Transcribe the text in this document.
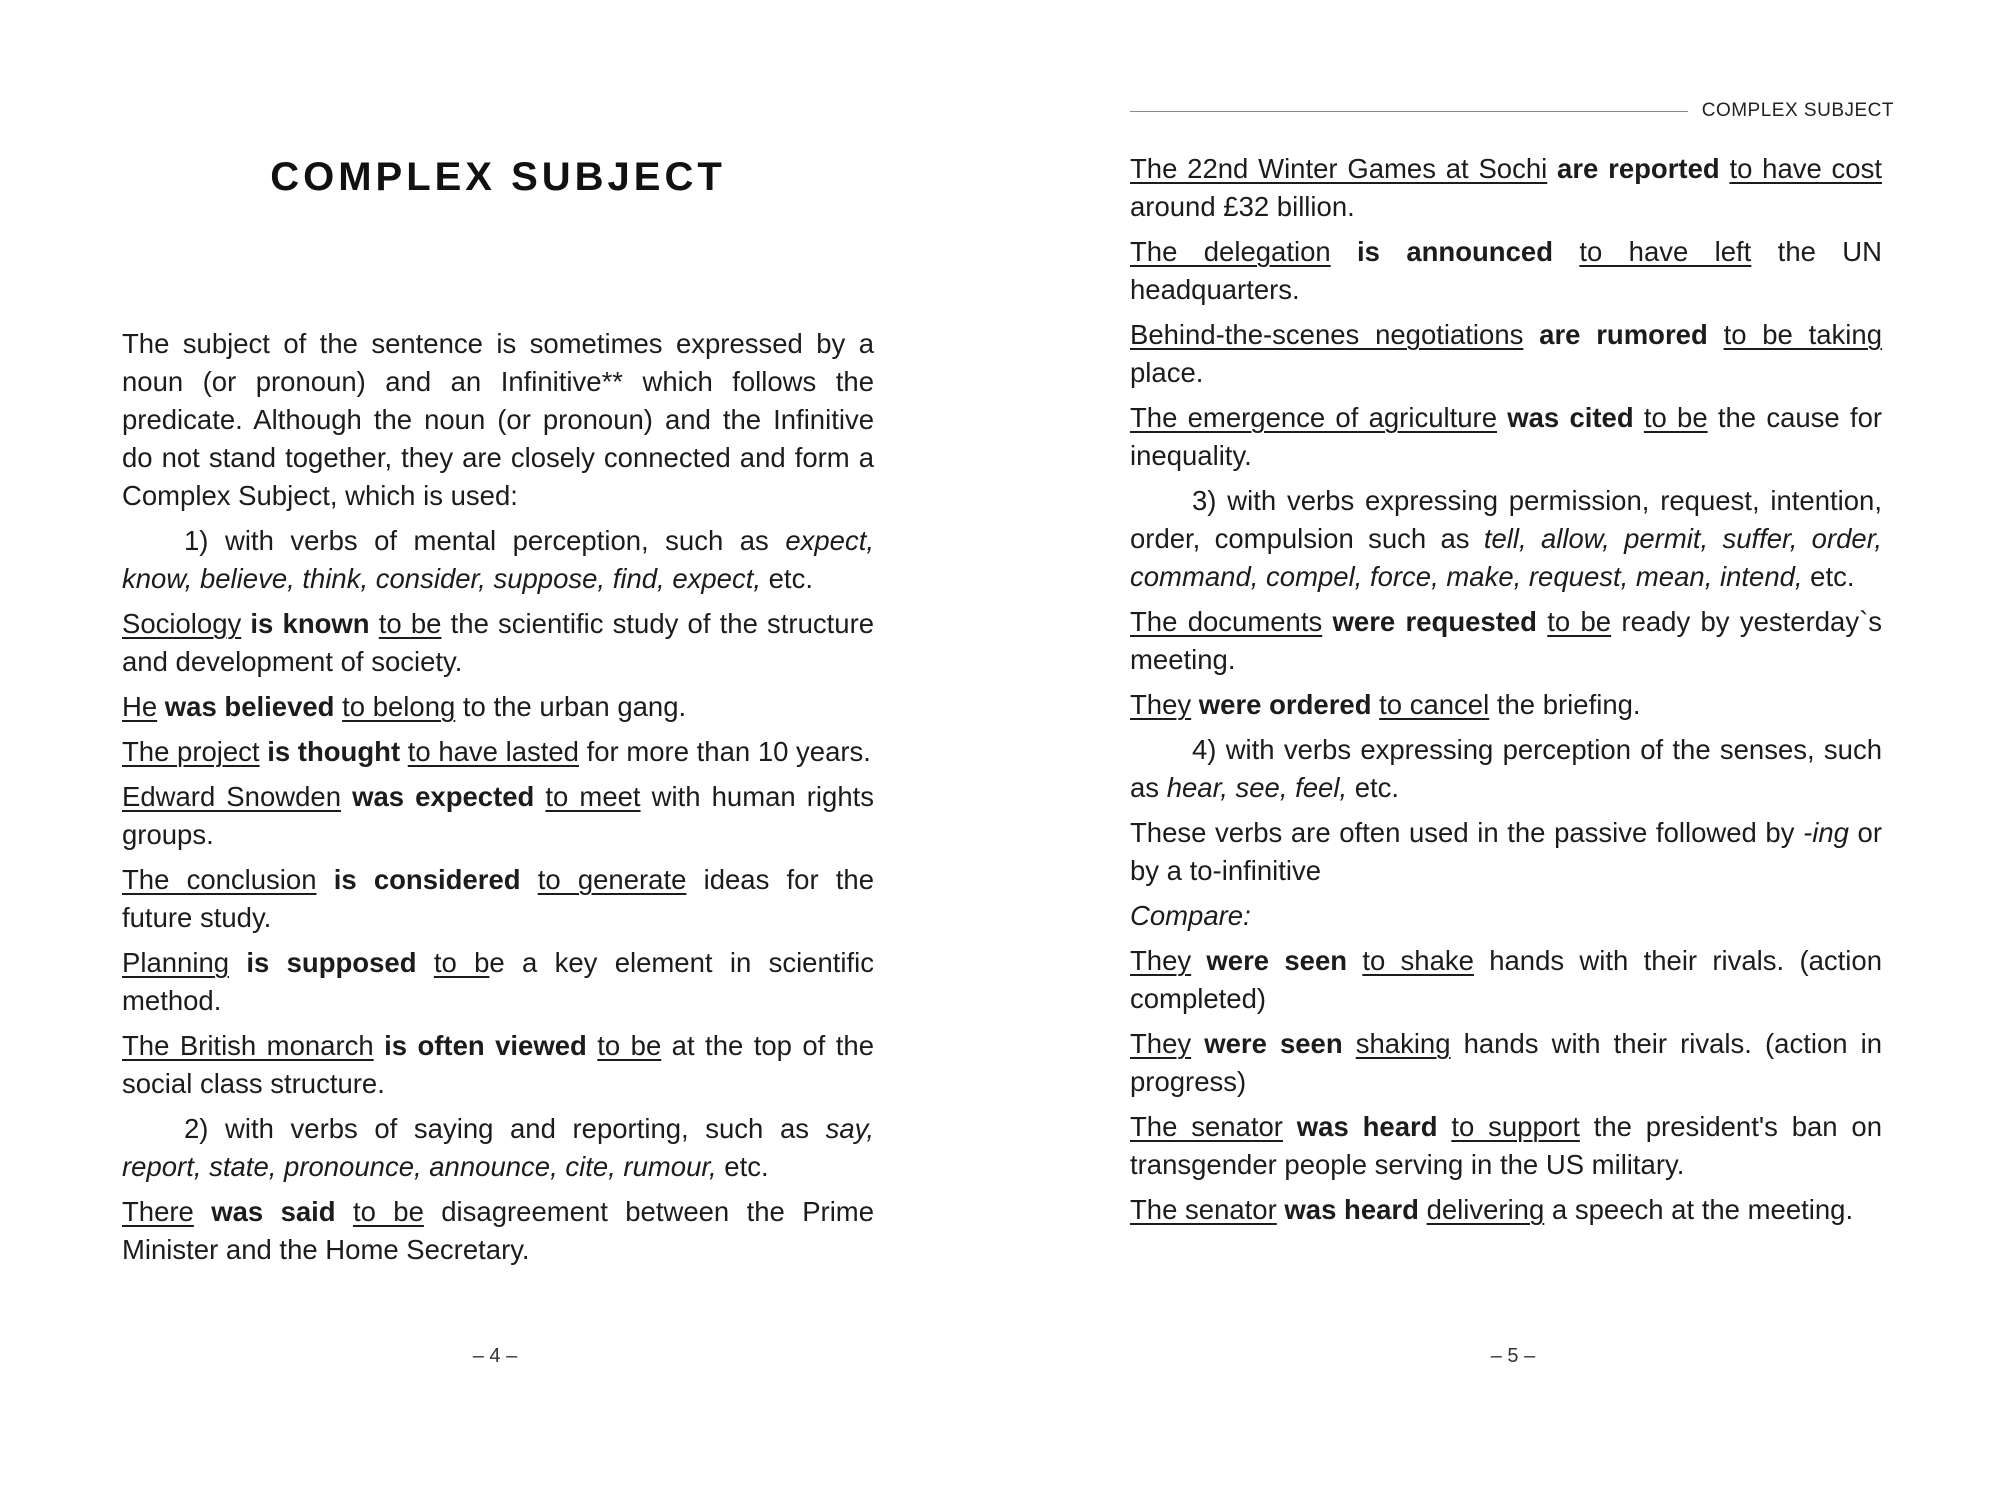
COMPLEX SUBJECT

The subject of the sentence is sometimes expressed by a noun (or pronoun) and an Infinitive** which follows the predicate. Although the noun (or pronoun) and the Infinitive do not stand together, they are closely connected and form a Complex Subject, which is used:

1) with verbs of mental perception, such as expect, know, believe, think, consider, suppose, find, expect, etc.

Sociology is known to be the scientific study of the structure and development of society.

He was believed to belong to the urban gang.

The project is thought to have lasted for more than 10 years.

Edward Snowden was expected to meet with human rights groups.

The conclusion is considered to generate ideas for the future study.

Planning is supposed to be a key element in scientific method.

The British monarch is often viewed to be at the top of the social class structure.

2) with verbs of saying and reporting, such as say, report, state, pronounce, announce, cite, rumour, etc.

There was said to be disagreement between the Prime Minister and the Home Secretary.

– 4 –
COMPLEX SUBJECT

The 22nd Winter Games at Sochi are reported to have cost around £32 billion.

The delegation is announced to have left the UN headquarters.

Behind-the-scenes negotiations are rumored to be taking place.

The emergence of agriculture was cited to be the cause for inequality.

3) with verbs expressing permission, request, intention, order, compulsion such as tell, allow, permit, suffer, order, command, compel, force, make, request, mean, intend, etc.

The documents were requested to be ready by yesterday`s meeting.

They were ordered to cancel the briefing.

4) with verbs expressing perception of the senses, such as hear, see, feel, etc.

These verbs are often used in the passive followed by -ing or by a to-infinitive

Compare:

They were seen to shake hands with their rivals. (action completed)

They were seen shaking hands with their rivals. (action in progress)

The senator was heard to support the president's ban on transgender people serving in the US military.

The senator was heard delivering a speech at the meeting.

– 5 –
